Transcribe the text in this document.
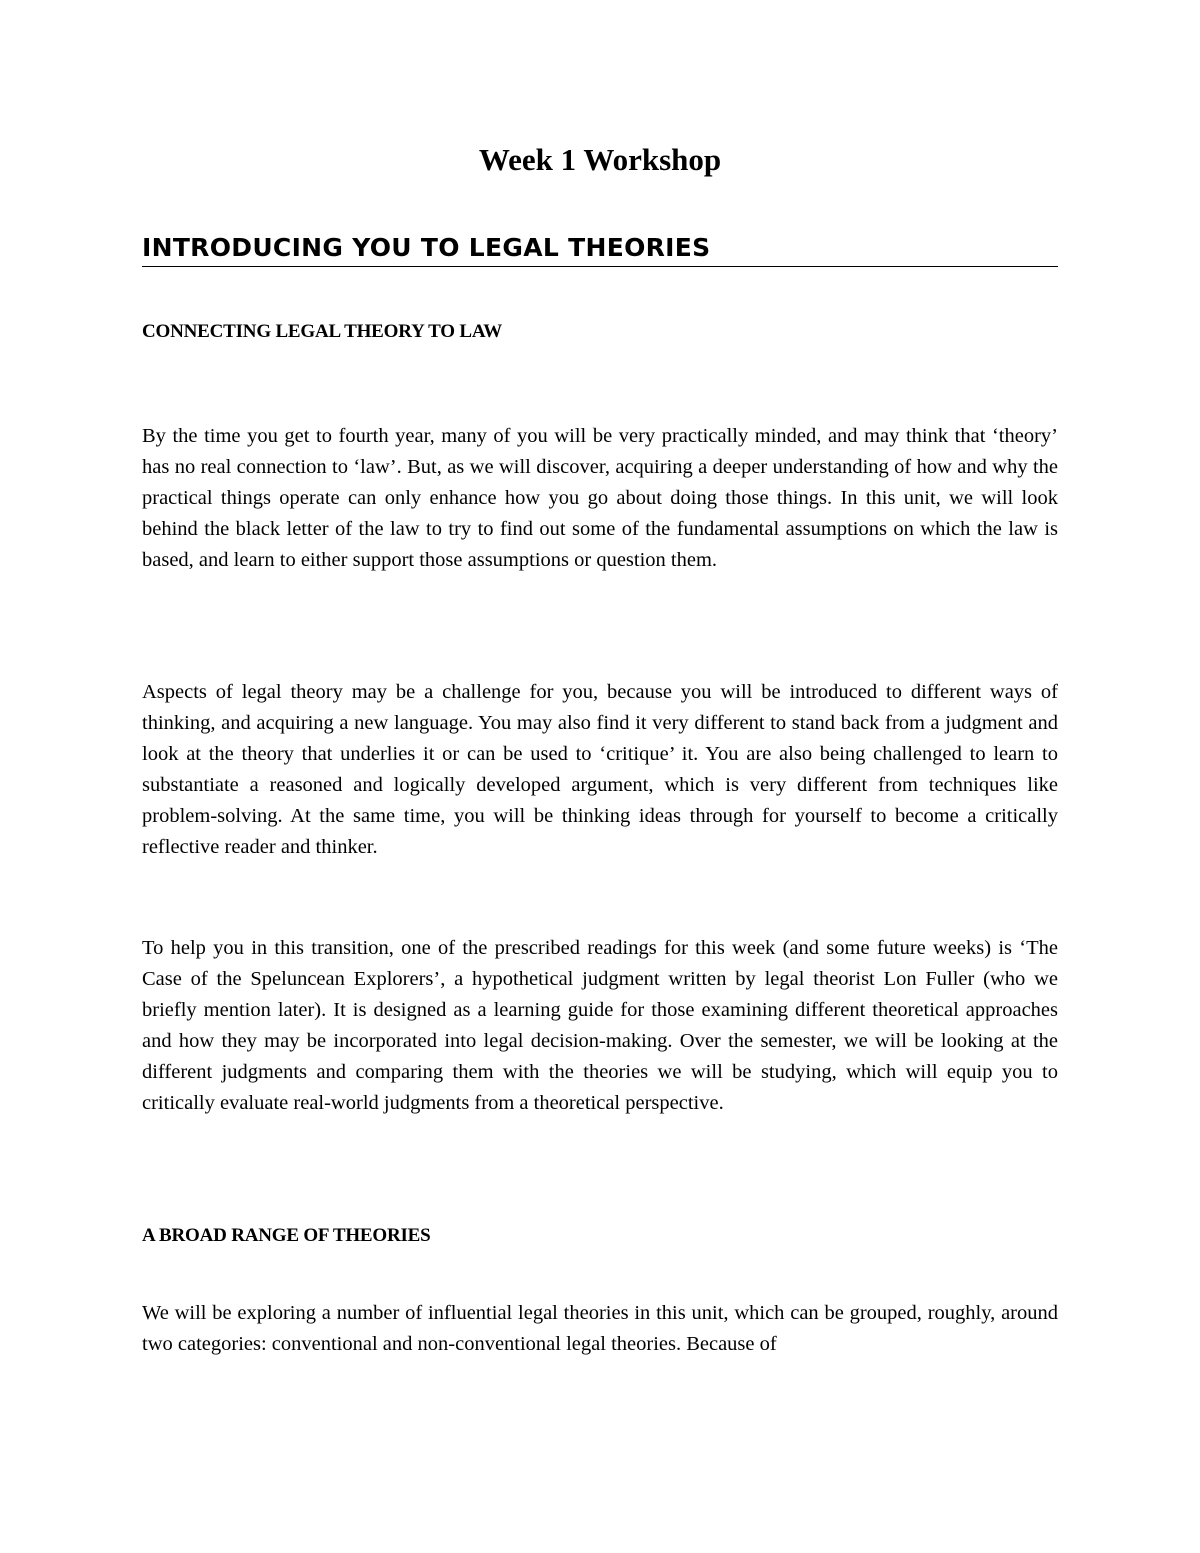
Week 1 Workshop
INTRODUCING YOU TO LEGAL THEORIES
CONNECTING LEGAL THEORY TO LAW

By the time you get to fourth year, many of you will be very practically minded, and may think that ‘theory’ has no real connection to ‘law’. But, as we will discover, acquiring a deeper understanding of how and why the practical things operate can only enhance how you go about doing those things. In this unit, we will look behind the black letter of the law to try to find out some of the fundamental assumptions on which the law is based, and learn to either support those assumptions or question them.

Aspects of legal theory may be a challenge for you, because you will be introduced to different ways of thinking, and acquiring a new language. You may also find it very different to stand back from a judgment and look at the theory that underlies it or can be used to ‘critique’ it. You are also being challenged to learn to substantiate a reasoned and logically developed argument, which is very different from techniques like problem-solving. At the same time, you will be thinking ideas through for yourself to become a critically reflective reader and thinker.

To help you in this transition, one of the prescribed readings for this week (and some future weeks) is ‘The Case of the Speluncean Explorers’, a hypothetical judgment written by legal theorist Lon Fuller (who we briefly mention later). It is designed as a learning guide for those examining different theoretical approaches and how they may be incorporated into legal decision-making. Over the semester, we will be looking at the different judgments and comparing them with the theories we will be studying, which will equip you to critically evaluate real-world judgments from a theoretical perspective.

A BROAD RANGE OF THEORIES

We will be exploring a number of influential legal theories in this unit, which can be grouped, roughly, around two categories: conventional and non-conventional legal theories. Because of
